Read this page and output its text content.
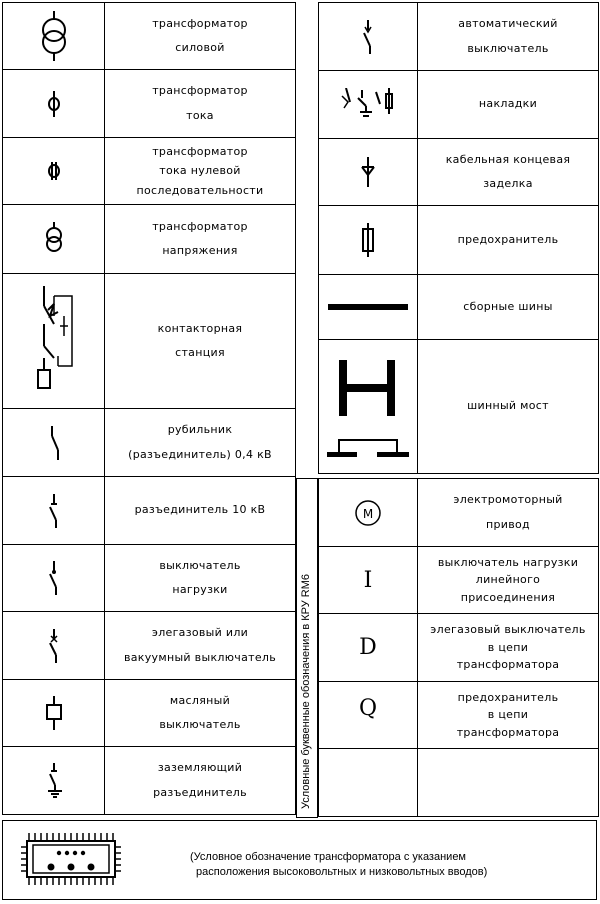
трансформатор
силовой

трансформатор
тока

трансформатор
тока нулевой
последовательности

трансформатор
напряжения

контакторная
станция

рубильник
(разъединитель) 0,4 кВ

разъединитель 10 кВ

выключатель
нагрузки

элегазовый или
вакуумный выключатель

масляный
выключатель

заземляющий
разъединитель

автоматический
выключатель

накладки

кабельная концевая
заделка

предохранитель

сборные шины

шинный мост
Условные буквенные обозначения в КРУ RM6
M	электромоторный
привод

I	выключатель нагрузки
линейного
присоединения

D	элегазовый выключатель
в цепи
трансформатора

Q	предохранитель
в цепи
трансформатора

(Условное обозначение трансформатора с указанием
расположения высоковольтных и низковольтных вводов)
